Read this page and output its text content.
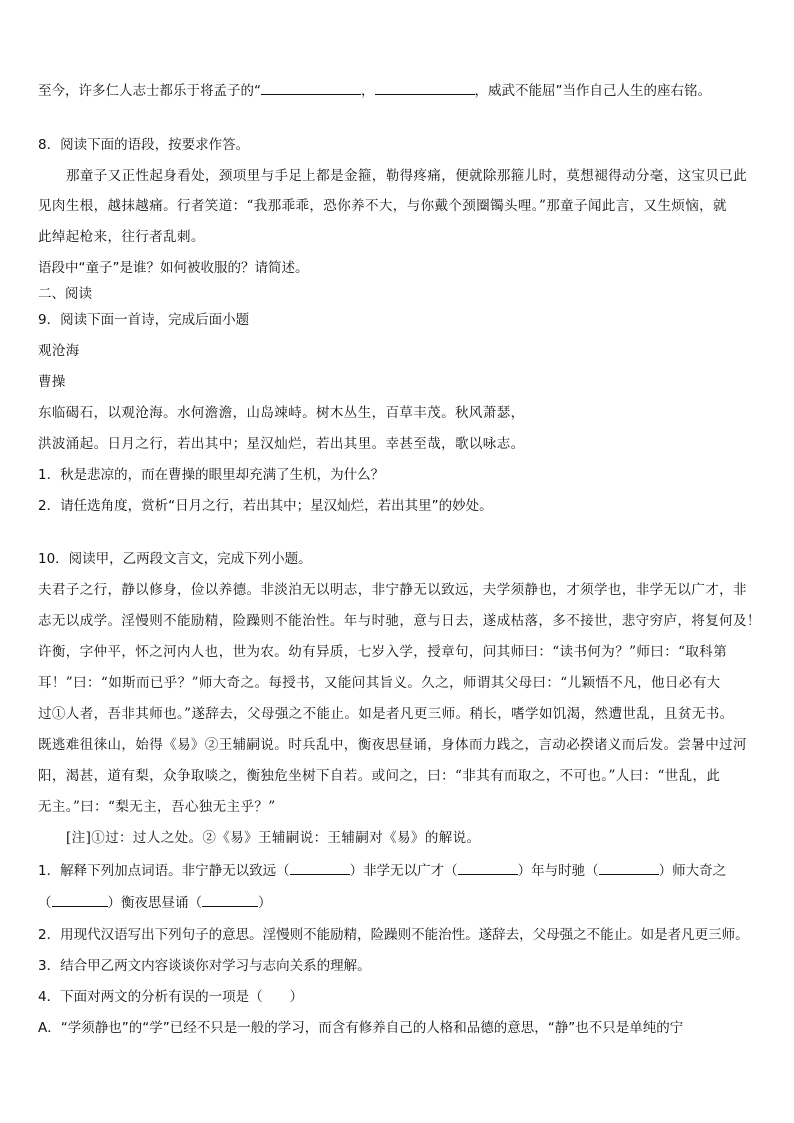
至今，许多仁人志士都乐于将孟子的“	，	，威武不能屈”当作自己人生的座右铭。
8．阅读下面的语段，按要求作答。
那童子又正性起身看处，颈项里与手足上都是金箍，勒得疼痛，便就除那箍儿时，莫想褪得动分毫，这宝贝已此
见肉生根，越抹越痛。行者笑道：“我那乖乖，恐你养不大，与你戴个颈圈镯头哩。”那童子闻此言，又生烦恼，就
此绰起枪来，往行者乱刺。
语段中“童子”是谁？如何被收服的？请简述。
二、阅读
9．阅读下面一首诗，完成后面小题
观沧海
曹操
东临碣石，以观沧海。水何澹澹，山岛竦峙。树木丛生，百草丰茂。秋风萧瑟，
洪波涌起。日月之行，若出其中；星汉灿烂，若出其里。幸甚至哉，歌以咏志。
1．秋是悲凉的，而在曹操的眼里却充满了生机，为什么？
2．请任选角度，赏析“日月之行，若出其中；星汉灿烂，若出其里”的妙处。
10．阅读甲，乙两段文言文，完成下列小题。
夫君子之行，静以修身，俭以养德。非淡泊无以明志，非宁静无以致远，夫学须静也，才须学也，非学无以广才，非
志无以成学。淫慢则不能励精，险躁则不能治性。年与时驰，意与日去，遂成枯落，多不接世，悲守穷庐，将复何及！
许衡，字仲平，怀之河内人也，世为农。幼有异质，七岁入学，授章句，问其师曰：“读书何为？”师曰：“取科第
耳！”曰：“如斯而已乎？”师大奇之。每授书，又能问其旨义。久之，师谓其父母曰：“儿颖悟不凡，他日必有大
过①人者，吾非其师也。”遂辞去，父母强之不能止。如是者凡更三师。稍长，嗜学如饥渴，然遭世乱，且贫无书。
既逃难徂徕山，始得《易》②王辅嗣说。时兵乱中，衡夜思昼诵，身体而力践之，言动必揆诸义而后发。尝暑中过河
阳，渴甚，道有梨，众争取啖之，衡独危坐树下自若。或问之，曰：“非其有而取之，不可也。”人曰：“世乱，此
无主。”曰：“梨无主，吾心独无主乎？”
[注]①过：过人之处。②《易》王辅嗣说：王辅嗣对《易》的解说。
1．解释下列加点词语。非宁静无以致远（	）非学无以广才（	）年与时驰（	）师大奇之
（	）衡夜思昼诵（	）
2．用现代汉语写出下列句子的意思。淫慢则不能励精，险躁则不能治性。遂辞去，父母强之不能止。如是者凡更三师。
3．结合甲乙两文内容谈谈你对学习与志向关系的理解。
4．下面对两文的分析有误的一项是（　　）
A．“学须静也”的“学”已经不只是一般的学习，而含有修养自己的人格和品德的意思，“静”也不只是单纯的宁
